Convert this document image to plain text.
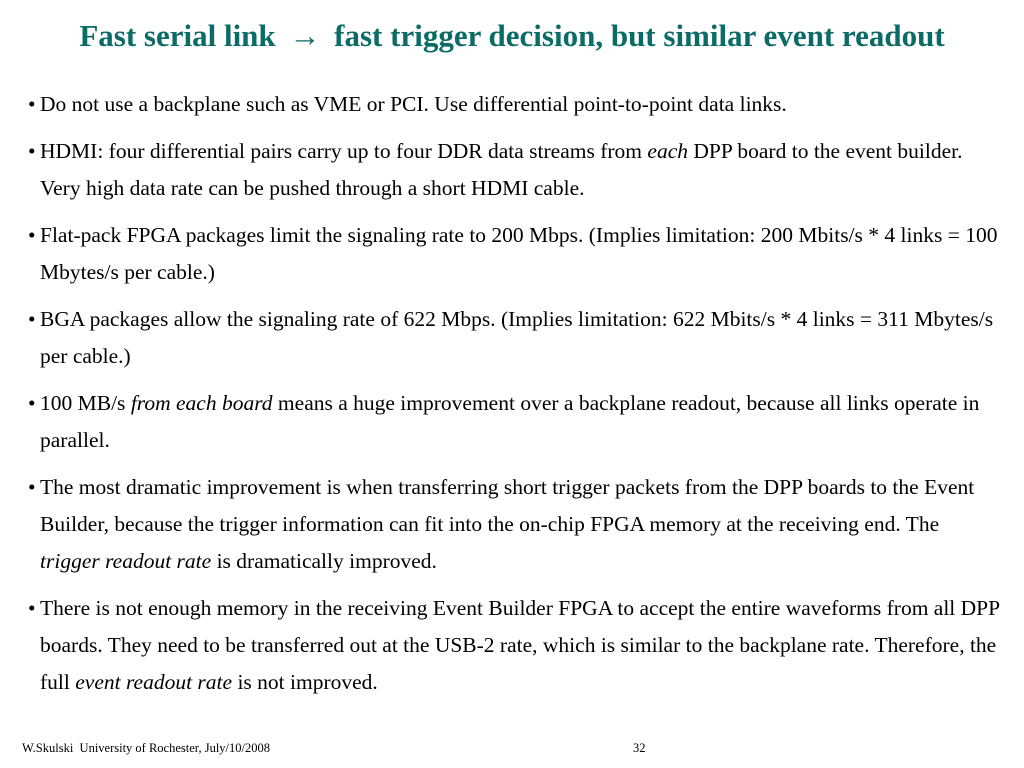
Fast serial link → fast trigger decision, but similar event readout
• Do not use a backplane such as VME or PCI. Use differential point-to-point data links.
• HDMI: four differential pairs carry up to four DDR data streams from each DPP board to the event builder. Very high data rate can be pushed through a short HDMI cable.
• Flat-pack FPGA packages limit the signaling rate to 200 Mbps. (Implies limitation: 200 Mbits/s * 4 links = 100 Mbytes/s per cable.)
• BGA packages allow the signaling rate of 622 Mbps. (Implies limitation: 622 Mbits/s * 4 links = 311 Mbytes/s per cable.)
• 100 MB/s from each board means a huge improvement over a backplane readout, because all links operate in parallel.
• The most dramatic improvement is when transferring short trigger packets from the DPP boards to the Event Builder, because the trigger information can fit into the on-chip FPGA memory at the receiving end. The trigger readout rate is dramatically improved.
• There is not enough memory in the receiving Event Builder FPGA to accept the entire waveforms from all DPP boards. They need to be transferred out at the USB-2 rate, which is similar to the backplane rate. Therefore, the full event readout rate is not improved.
W.Skulski  University of Rochester, July/10/2008	32
